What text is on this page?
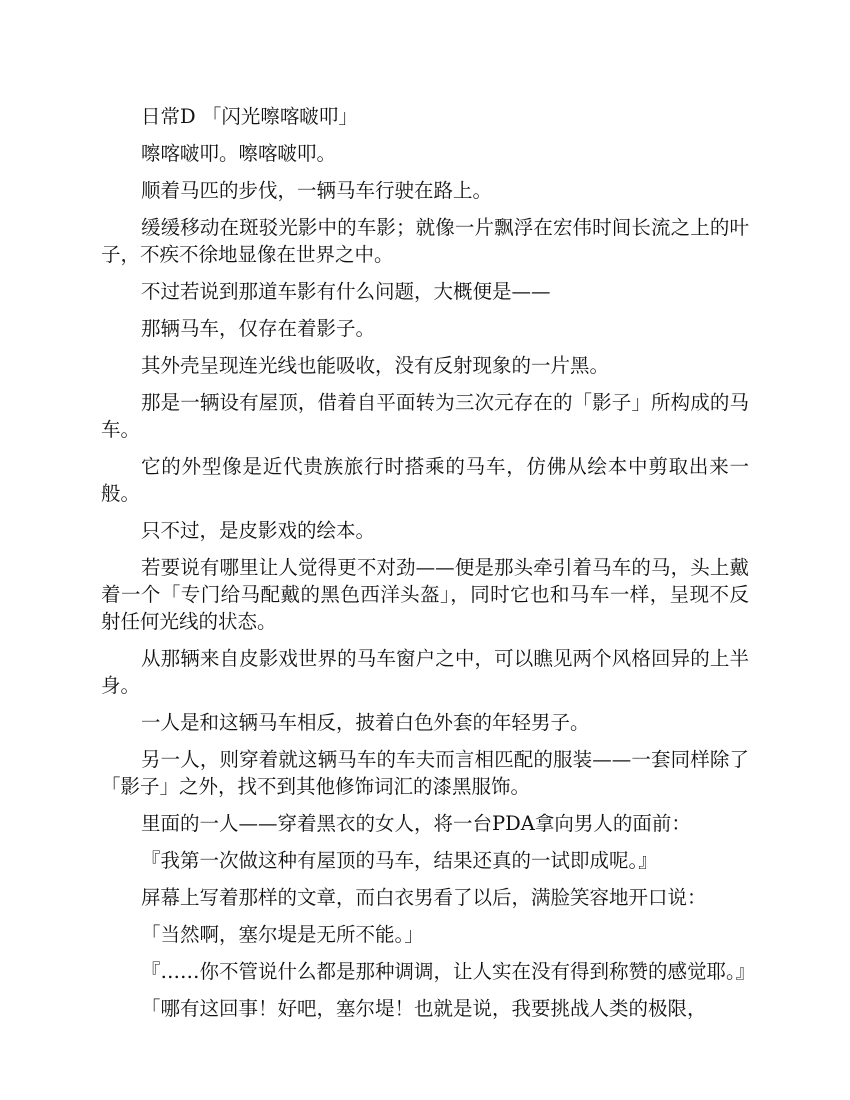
日常D 「闪光嚓喀啵叩」

嚓喀啵叩。嚓喀啵叩。

顺着马匹的步伐，一辆马车行驶在路上。

缓缓移动在斑驳光影中的车影；就像一片飘浮在宏伟时间长流之上的叶子，不疾不徐地显像在世界之中。

不过若说到那道车影有什么问题，大概便是——

那辆马车，仅存在着影子。

其外壳呈现连光线也能吸收，没有反射现象的一片黑。

那是一辆设有屋顶，借着自平面转为三次元存在的「影子」所构成的马车。

它的外型像是近代贵族旅行时搭乘的马车，仿佛从绘本中剪取出来一般。

只不过，是皮影戏的绘本。

若要说有哪里让人觉得更不对劲——便是那头牵引着马车的马，头上戴着一个「专门给马配戴的黑色西洋头盔」，同时它也和马车一样，呈现不反射任何光线的状态。

从那辆来自皮影戏世界的马车窗户之中，可以瞧见两个风格回异的上半身。

一人是和这辆马车相反，披着白色外套的年轻男子。

另一人，则穿着就这辆马车的车夫而言相匹配的服装——一套同样除了「影子」之外，找不到其他修饰词汇的漆黑服饰。

里面的一人——穿着黑衣的女人，将一台PDA拿向男人的面前：

『我第一次做这种有屋顶的马车，结果还真的一试即成呢。』

屏幕上写着那样的文章，而白衣男看了以后，满脸笑容地开口说：

「当然啊，塞尔堤是无所不能。」

『……你不管说什么都是那种调调，让人实在没有得到称赞的感觉耶。』

「哪有这回事！好吧，塞尔堤！也就是说，我要挑战人类的极限，
